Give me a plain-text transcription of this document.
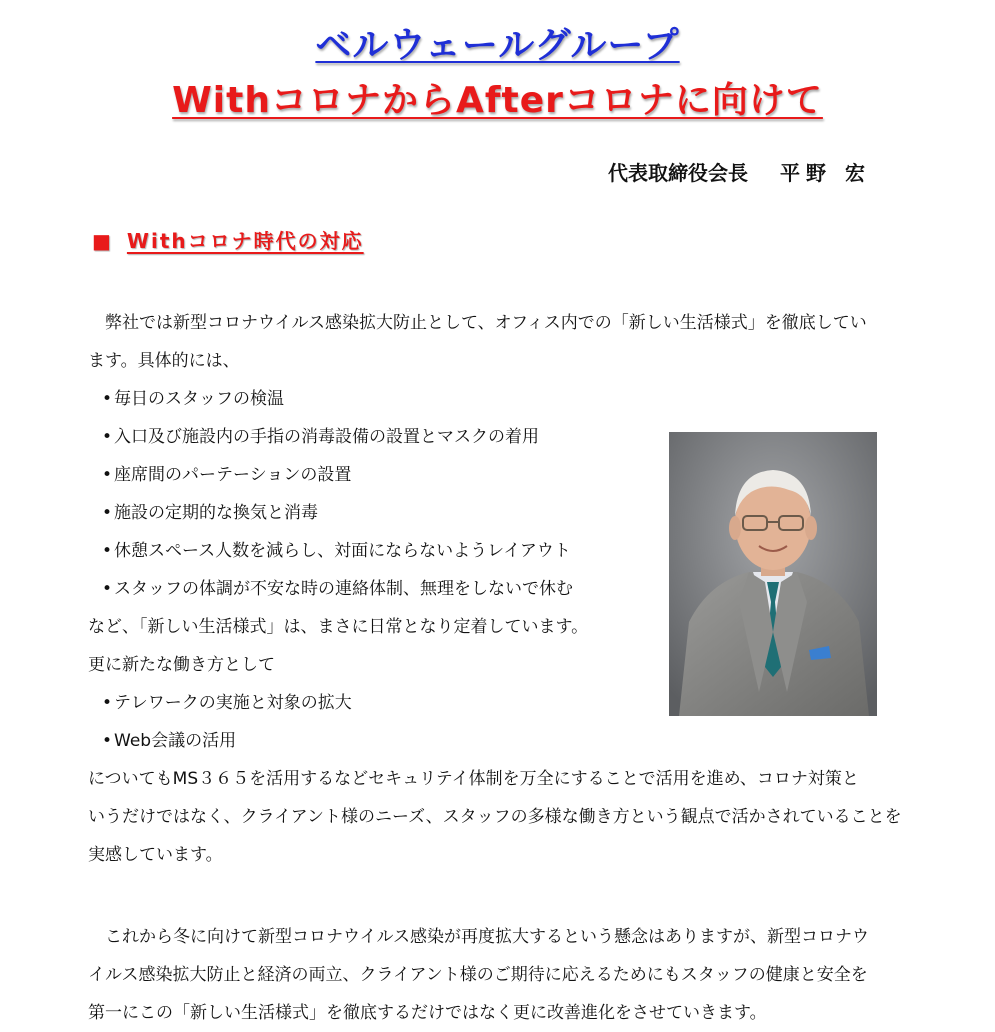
ベルウェールグループ
WithコロナからAfterコロナに向けて
代表取締役会長 平野 宏
■ Withコロナ時代の対応
弊社では新型コロナウイルス感染拡大防止として、オフィス内での「新しい生活様式」を徹底してい
ます。具体的には、
• 毎日のスタッフの検温
• 入口及び施設内の手指の消毒設備の設置とマスクの着用
• 座席間のパーテーションの設置
• 施設の定期的な換気と消毒
• 休憩スペース人数を減らし、対面にならないようレイアウト
• スタッフの体調が不安な時の連絡体制、無理をしないで休む
など、「新しい生活様式」は、まさに日常となり定着しています。
更に新たな働き方として
• テレワークの実施と対象の拡大
• Web会議の活用
についてもMS３６５を活用するなどセキュリテイ体制を万全にすることで活用を進め、コロナ対策と
いうだけではなく、クライアント様のニーズ、スタッフの多様な働き方という観点で活かされていることを
実感しています。
これから冬に向けて新型コロナウイルス感染が再度拡大するという懸念はありますが、新型コロナウ
イルス感染拡大防止と経済の両立、クライアント様のご期待に応えるためにもスタッフの健康と安全を
第一にこの「新しい生活様式」を徹底するだけではなく更に改善進化をさせていきます。
